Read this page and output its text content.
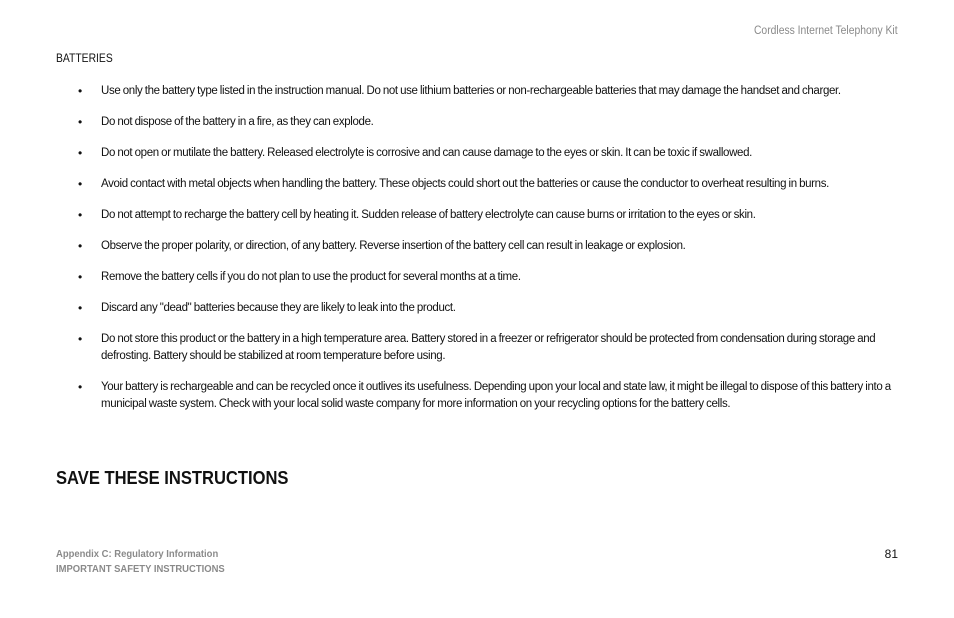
Cordless Internet Telephony Kit
BATTERIES
• Use only the battery type listed in the instruction manual. Do not use lithium batteries or non-rechargeable batteries that may damage the handset and charger.
• Do not dispose of the battery in a fire, as they can explode.
• Do not open or mutilate the battery. Released electrolyte is corrosive and can cause damage to the eyes or skin. It can be toxic if swallowed.
• Avoid contact with metal objects when handling the battery. These objects could short out the batteries or cause the conductor to overheat resulting in burns.
• Do not attempt to recharge the battery cell by heating it. Sudden release of battery electrolyte can cause burns or irritation to the eyes or skin.
• Observe the proper polarity, or direction, of any battery. Reverse insertion of the battery cell can result in leakage or explosion.
• Remove the battery cells if you do not plan to use the product for several months at a time.
• Discard any "dead" batteries because they are likely to leak into the product.
• Do not store this product or the battery in a high temperature area. Battery stored in a freezer or refrigerator should be protected from condensation during storage and defrosting. Battery should be stabilized at room temperature before using.
• Your battery is rechargeable and can be recycled once it outlives its usefulness. Depending upon your local and state law, it might be illegal to dispose of this battery into a municipal waste system. Check with your local solid waste company for more information on your recycling options for the battery cells.
SAVE THESE INSTRUCTIONS
Appendix C: Regulatory Information
IMPORTANT SAFETY INSTRUCTIONS
81
